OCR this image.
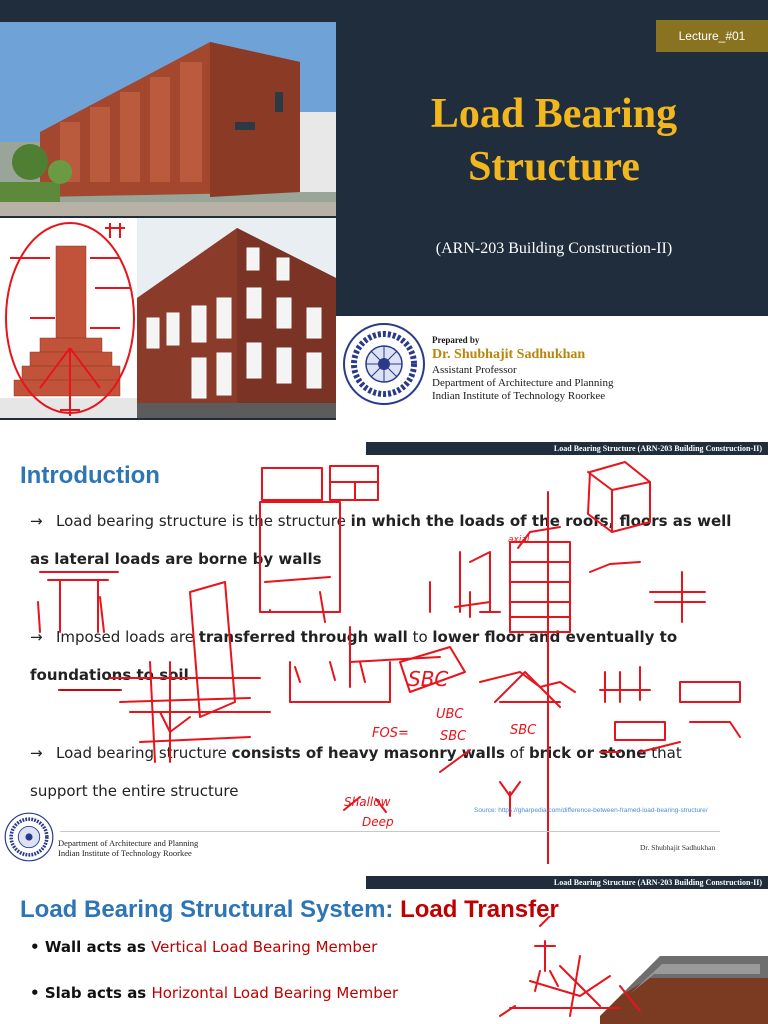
Lecture_#01
Load Bearing Structure
(ARN-203 Building Construction-II)
Prepared by
Dr. Shubhajit Sadhukhan
Assistant Professor
Department of Architecture and Planning
Indian Institute of Technology Roorkee
Load Bearing Structure (ARN-203 Building Construction-II)
Introduction
→ Load bearing structure is the structure in which the loads of the roofs, floors as well as lateral loads are borne by walls
→ Imposed loads are transferred through wall to lower floor and eventually to foundations to soil
→ Load bearing structure consists of heavy masonry walls of brick or stone that support the entire structure
SBC
FOS=
UBC
SBC	SBC
Shallow
Deep
axial
Source: https://gharpedia.com/difference-between-framed-load-bearing-structure/
Department of Architecture and Planning
Indian Institute of Technology Roorkee
Dr. Shubhajit Sadhukhan
Load Bearing Structure (ARN-203 Building Construction-II)
Load Bearing Structural System: Load Transfer
• Wall acts as Vertical Load Bearing Member
• Slab acts as Horizontal Load Bearing Member
